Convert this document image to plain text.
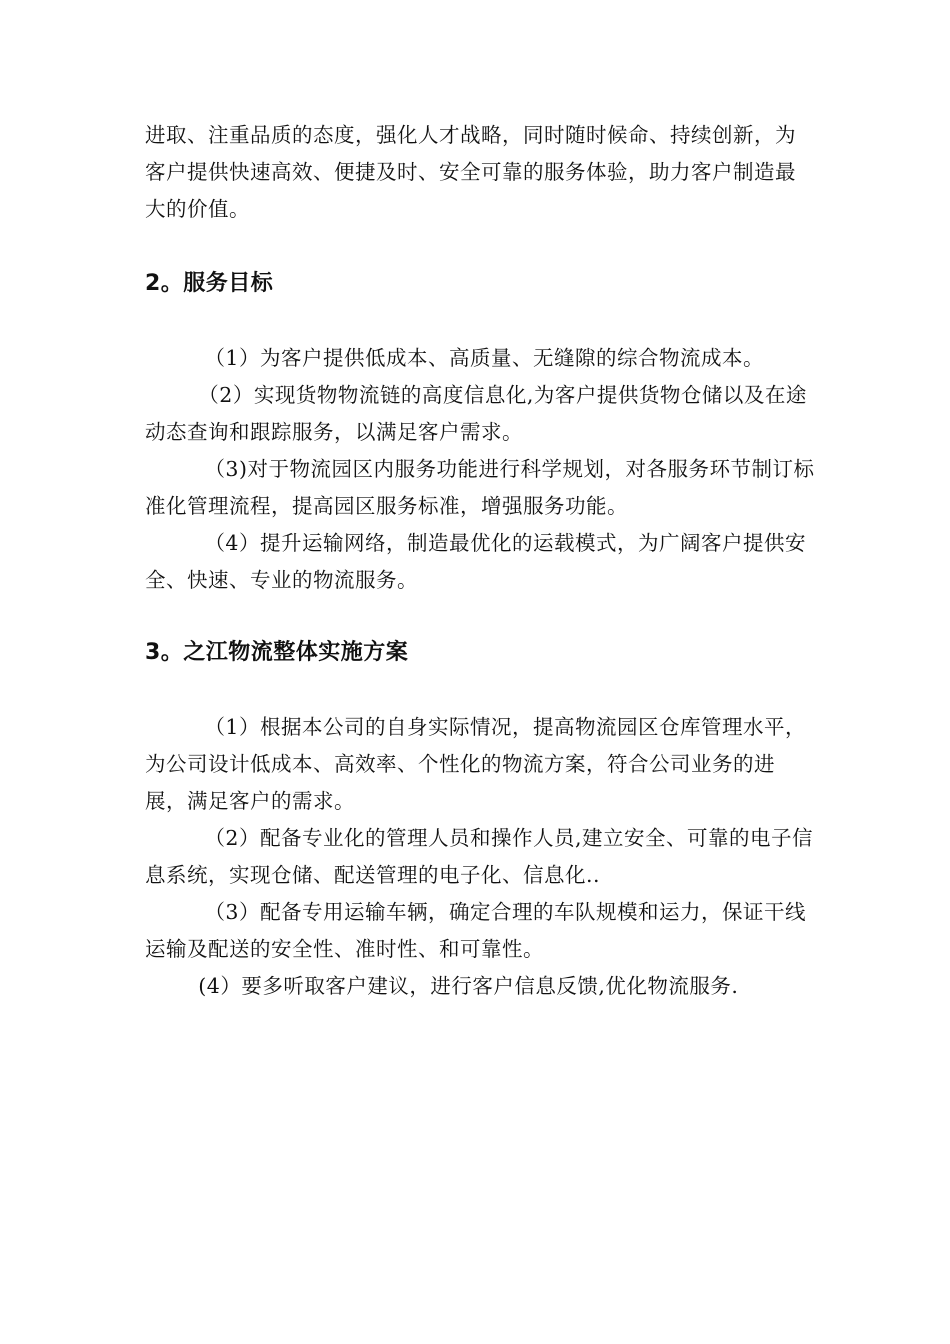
进取、注重品质的态度，强化人才战略，同时随时候命、持续创新，为客户提供快速高效、便捷及时、安全可靠的服务体验，助力客户制造最大的价值。

2。服务目标

（1）为客户提供低成本、高质量、无缝隙的综合物流成本。

（2）实现货物物流链的高度信息化,为客户提供货物仓储以及在途动态查询和跟踪服务，以满足客户需求。

（3)对于物流园区内服务功能进行科学规划，对各服务环节制订标准化管理流程，提高园区服务标准，增强服务功能。

（4）提升运输网络，制造最优化的运载模式，为广阔客户提供安全、快速、专业的物流服务。

3。之江物流整体实施方案

（1）根据本公司的自身实际情况，提高物流园区仓库管理水平，为公司设计低成本、高效率、个性化的物流方案，符合公司业务的进展，满足客户的需求。

（2）配备专业化的管理人员和操作人员,建立安全、可靠的电子信息系统，实现仓储、配送管理的电子化、信息化..

（3）配备专用运输车辆，确定合理的车队规模和运力，保证干线运输及配送的安全性、准时性、和可靠性。

(4）要多听取客户建议，进行客户信息反馈,优化物流服务.
